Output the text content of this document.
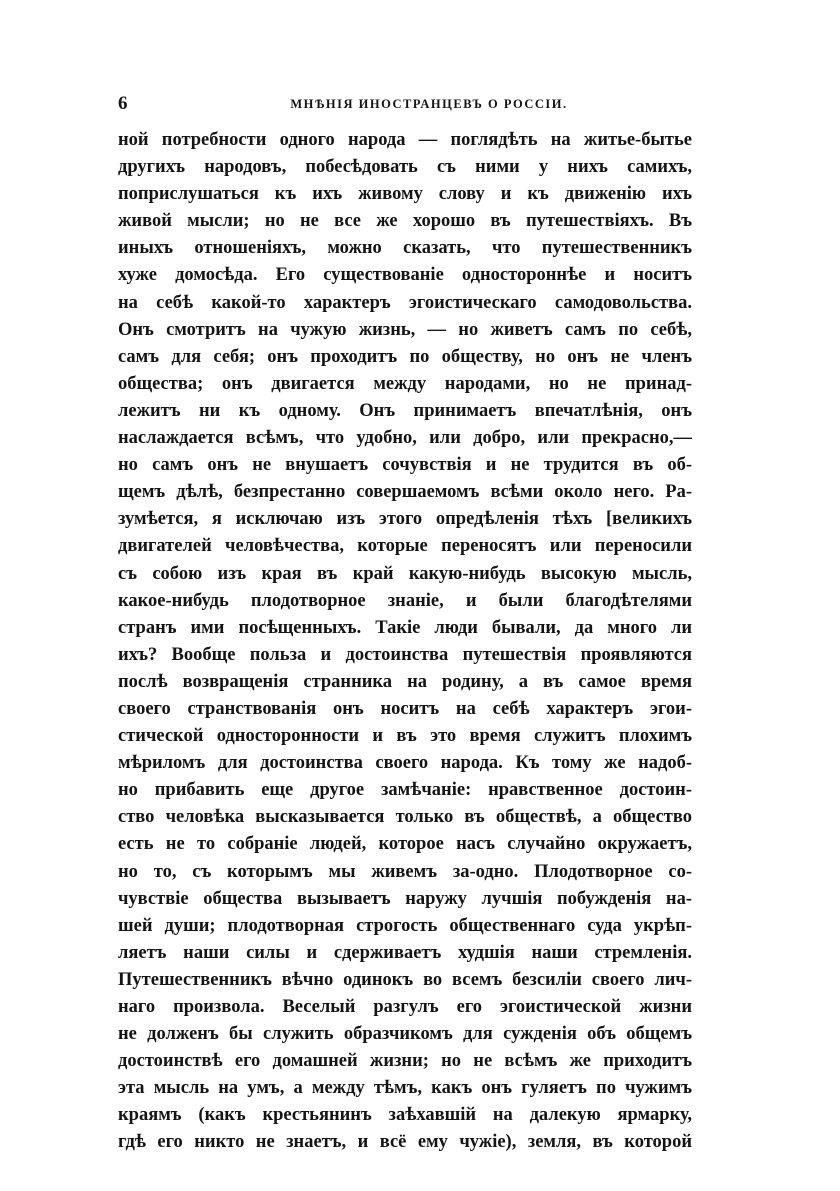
6	МНѢНІЯ ИНОСТРАНЦЕВЪ О РОССІИ.
ной потребности одного народа — поглядѣть на житье-бытье
другихъ народовъ, побесѣдовать съ ними у нихъ самихъ,
поприслушаться къ ихъ живому слову и къ движенію ихъ
живой мысли; но не все же хорошо въ путешествіяхъ. Въ
иныхъ отношеніяхъ, можно сказать, что путешественникъ
хуже домосѣда. Его существованіе одностороннѣе и носитъ
на себѣ какой-то характеръ эгоистическаго самодовольства.
Онъ смотритъ на чужую жизнь, — но живетъ самъ по себѣ,
самъ для себя; онъ проходитъ по обществу, но онъ не членъ
общества; онъ двигается между народами, но не принад-
лежитъ ни къ одному. Онъ принимаетъ впечатлѣнія, онъ
наслаждается всѣмъ, что удобно, или добро, или прекрасно,—
но самъ онъ не внушаетъ сочувствія и не трудится въ об-
щемъ дѣлѣ, безпрестанно совершаемомъ всѣми около него. Ра-
зумѣется, я исключаю изъ этого опредѣленія тѣхъ [великихъ
двигателей человѣчества, которые переносятъ или переносили
съ собою изъ края въ край какую-нибудь высокую мысль,
какое-нибудь плодотворное знаніе, и были благодѣтелями
странъ ими посѣщенныхъ. Такіе люди бывали, да много ли
ихъ? Вообще польза и достоинства путешествія проявляются
послѣ возвращенія странника на родину, а въ самое время
своего странствованія онъ носитъ на себѣ характеръ эгои-
стической односторонности и въ это время служитъ плохимъ
мѣриломъ для достоинства своего народа. Къ тому же надоб-
но прибавить еще другое замѣчаніе: нравственное достоин-
ство человѣка высказывается только въ обществѣ, а общество
есть не то собраніе людей, которое насъ случайно окружаетъ,
но то, съ которымъ мы живемъ за-одно. Плодотворное со-
чувствіе общества вызываетъ наружу лучшія побужденія на-
шей души; плодотворная строгость общественнаго суда укрѣп-
ляетъ наши силы и сдерживаетъ худшія наши стремленія.
Путешественникъ вѣчно одинокъ во всемъ безсиліи своего лич-
наго произвола. Веселый разгулъ его эгоистической жизни
не долженъ бы служить образчикомъ для сужденія объ общемъ
достоинствѣ его домашней жизни; но не всѣмъ же приходитъ
эта мысль на умъ, а между тѣмъ, какъ онъ гуляетъ по чужимъ
краямъ (какъ крестьянинъ заѣхавшій на далекую ярмарку,
гдѣ его никто не знаетъ, и всё ему чужіе), земля, въ которой
